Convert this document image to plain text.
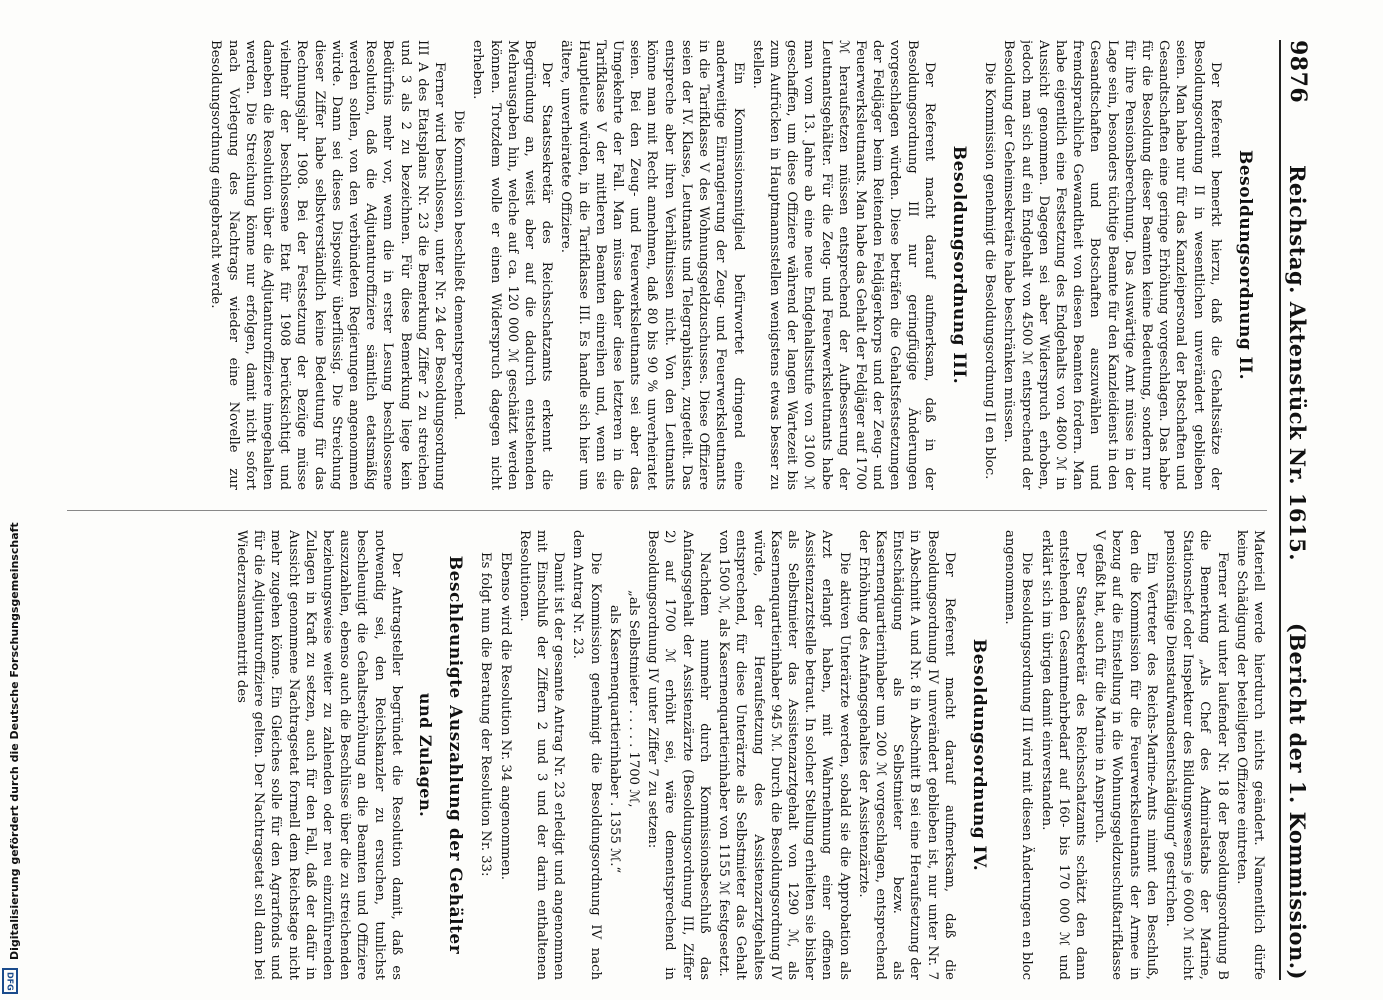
9876
Reichstag. Aktenstück Nr. 1615.
(Bericht der 1. Kommission.)
Besoldungsordnung II.

Der Referent bemerkt hierzu, daß die Gehaltssätze der Besoldungsordnung II in wesentlichen unverändert geblieben seien. Man habe nur für das Kanzleipersonal der Botschaften und Gesandtschaften eine geringe Erhöhung vorgeschlagen. Das habe für die Besoldung dieser Beamten keine Bedeutung, sondern nur für ihre Pensionsberechnung. Das Auswärtige Amt müsse in der Lage sein, besonders tüchtige Beamte für den Kanzleidienst in den Gesandtschaften und Botschaften auszuwählen und fremdsprachliche Gewandtheit von diesen Beamten fordern. Man habe eigentlich eine Festsetzung des Endgehalts von 4800 ℳ in Aussicht genommen. Dagegen sei aber Widerspruch erhoben, jedoch man sich auf ein Endgehalt von 4500 ℳ entsprechend der Besoldung der Geheimsekretäre habe beschränken müssen.

Die Kommission genehmigt die Besoldungsordnung II en bloc.

Besoldungsordnung III.

Der Referent macht darauf aufmerksam, daß in der Besoldungsordnung III nur geringfügige Änderungen vorgeschlagen würden. Diese beträfen die Gehaltsfestsetzungen der Feldjäger beim Reitenden Feldjägerkorps und der Zeug- und Feuerwerksleutnants. Man habe das Gehalt der Feldjäger auf 1700 ℳ heraufsetzen müssen entsprechend der Aufbesserung der Leutnantsgehälter. Für die Zeug- und Feuerwerksleutnants habe man vom 13. Jahre ab eine neue Endgehaltsstufe von 3100 ℳ geschaffen, um diese Offiziere während der langen Wartezeit bis zum Aufrücken in Hauptmannsstellen wenigstens etwas besser zu stellen.

Ein Kommissionsmitglied befürwortet dringend eine anderweitige Einrangierung der Zeug- und Feuerwerksleutnants in die Tarifklasse V des Wohnungsgeldzuschusses. Diese Offiziere seien der IV. Klasse, Leutnants und Telegraphisten, zugeteilt. Das entspreche aber ihren Verhältnissen nicht. Von den Leutnants könne man mit Recht annehmen, daß 80 bis 90 % unverheiratet seien. Bei den Zeug- und Feuerwerksleutnants sei aber das Umgekehrte der Fall. Man müsse daher diese letzteren in die Tarifklasse V der mittleren Beamten einreihen und, wenn sie Hauptleute würden, in die Tarifklasse III. Es handle sich hier um ältere, unverheiratete Offiziere.

Der Staatssekretär des Reichsschatzamts erkennt die Begründung an, weist aber auf die dadurch entstehenden Mehrausgaben hin, welche auf ca. 120 000 ℳ geschätzt werden können. Trotzdem wolle er einen Widerspruch dagegen nicht erheben.

Die Kommission beschließt dementsprechend.

Ferner wird beschlossen, unter Nr. 24 der Besoldungsordnung III A des Etatsplans Nr. 23 die Bemerkung Ziffer 2 zu streichen und 3 als 2 zu bezeichnen. Für diese Bemerkung liege kein Bedürfnis mehr vor, wenn die in erster Lesung beschlossene Resolution, daß die Adjutanturoffiziere sämtlich etatsmäßig werden sollen, von den verbündeten Regierungen angenommen würde. Dann sei dieses Dispositiv überflüssig. Die Streichung dieser Ziffer habe selbstverständlich keine Bedeutung für das Rechnungsjahr 1908. Bei der Festsetzung der Bezüge müsse vielmehr der beschlossene Etat für 1908 berücksichtigt und daneben die Resolution über die Adjutanturoffiziere innegehalten werden. Die Streichung könne nur erfolgen, damit nicht sofort nach Vorlegung des Nachtrags wieder eine Novelle zur Besoldungsordnung eingebracht werde.

Materiell werde hierdurch nichts geändert. Namentlich dürfe keine Schädigung der beteiligten Offiziere eintreten.

Ferner wird unter laufender Nr. 18 der Besoldungsordnung B die Bemerkung „Als Chef des Admiralstabs der Marine, Stationschef oder Inspekteur des Bildungswesens je 6000 ℳ nicht pensionsfähige Dienstaufwandsentschädigung“ gestrichen.

Ein Vertreter des Reichs-Marine-Amts nimmt den Beschluß, den die Kommission für die Feuerwerksleutnants der Armee in bezug auf die Einstellung in die Wohnungsgeldzuschußtarifklasse V gefaßt hat, auch für die Marine in Anspruch.

Der Staatssekretär des Reichsschatzamts schätzt den dann entstehenden Gesamtmehrbedarf auf 160- bis 170 000 ℳ und erklärt sich im übrigen damit einverstanden.

Die Besoldungsordnung III wird mit diesen Änderungen en bloc angenommen.

Besoldungsordnung IV.

Der Referent macht darauf aufmerksam, daß die Besoldungsordnung IV unverändert geblieben ist, nur unter Nr. 7 in Abschnitt A und Nr. 8 in Abschnitt B sei eine Heraufsetzung der Entschädigung als Selbstmieter bezw. als Kasernenquartierinhaber um 200 ℳ vorgeschlagen, entsprechend der Erhöhung des Anfangsgehaltes der Assistenzärzte.

Die aktiven Unterärzte werden, sobald sie die Approbation als Arzt erlangt haben, mit Wahrnehmung einer offenen Assistenzarztstelle betraut. In solcher Stellung erhielten sie bisher als Selbstmieter das Assistenzarztgehalt von 1290 ℳ, als Kasernenquartierinhaber 945 ℳ. Durch die Besoldungsordnung IV würde, der Heraufsetzung des Assistenzarztgehaltes entsprechend, für diese Unterärzte als Selbstmieter das Gehalt von 1500 ℳ, als Kasernenquartierinhaber von 1155 ℳ festgesetzt.

Nachdem nunmehr durch Kommissionsbeschluß das Anfangsgehalt der Assistenzärzte (Besoldungsordnung III, Ziffer 2) auf 1700 ℳ erhöht sei, wäre dementsprechend in Besoldungsordnung IV unter Ziffer 7 zu setzen:

„als Selbstmieter . . . . . 1700 ℳ,

als Kasernenquartierinhaber . 1355 ℳ.“

Die Kommission genehmigt die Besoldungsordnung IV nach dem Antrag Nr. 23.

Damit ist der gesamte Antrag Nr. 23 erledigt und angenommen mit Einschluß der Ziffern 2 und 3 und der darin enthaltenen Resolutionen.

Ebenso wird die Resolution Nr. 34 angenommen.

Es folgt nun die Beratung der Resolution Nr. 33:

Beschleunigte Auszahlung der Gehälter
und Zulagen.

Der Antragsteller begründet die Resolution damit, daß es notwendig sei, den Reichskanzler zu ersuchen, tunlichst beschleunigt die Gehaltserhöhung an die Beamten und Offiziere auszuzahlen, ebenso auch die Beschlüsse über die zu streichenden beziehungsweise weiter zu zahlenden oder neu einzuführenden Zulagen in Kraft zu setzen, auch für den Fall, daß der dafür in Aussicht genommene Nachtragsetat formell dem Reichstage nicht mehr zugehen könne. Ein Gleiches solle für den Agrarfonds und für die Adjutanturoffiziere gelten. Der Nachtragsetat soll dann bei Wiederzusammentritt des

Digitalisierung gefördert durch die Deutsche Forschungsgemeinschaft
DFG
